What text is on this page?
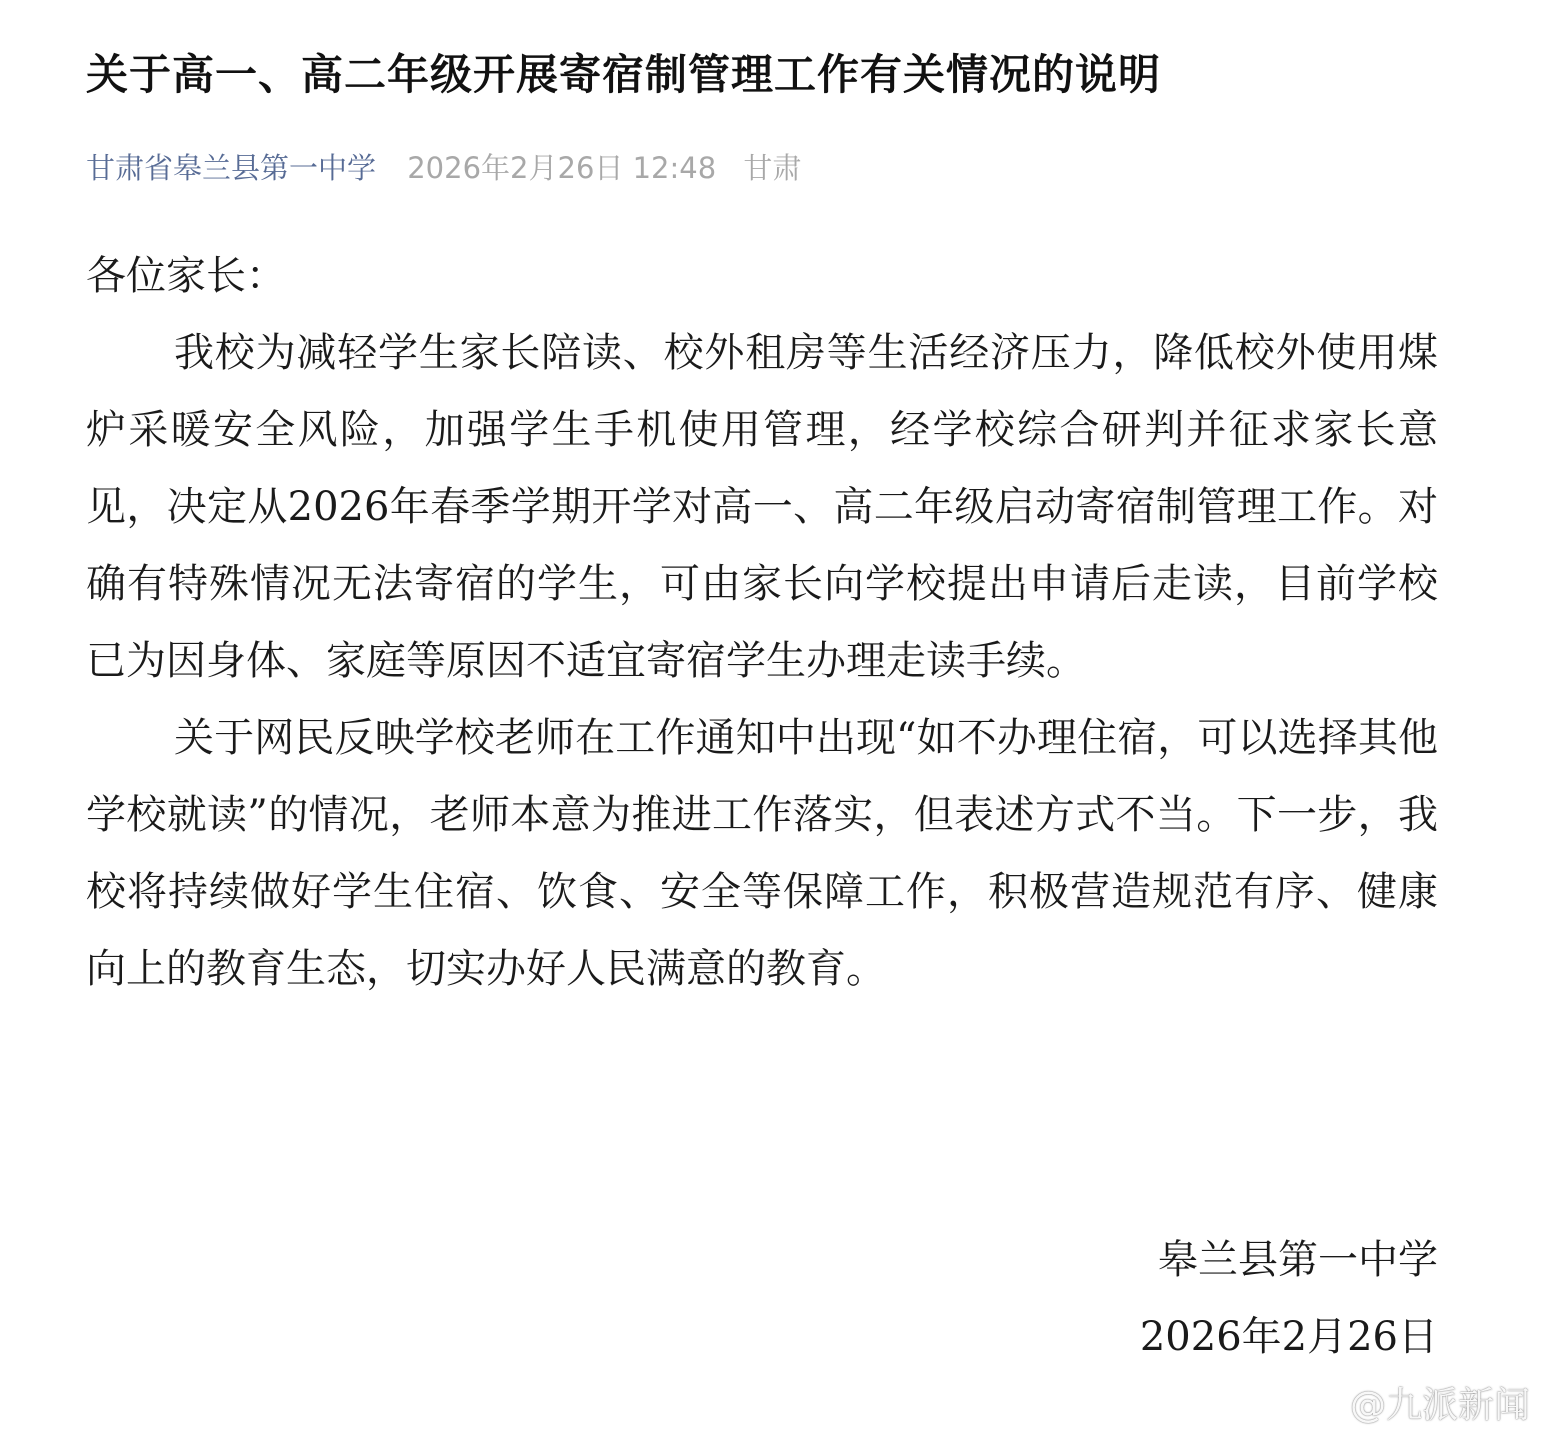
关于高一、高二年级开展寄宿制管理工作有关情况的说明
甘肃省皋兰县第一中学 2026年2月26日 12:48 甘肃

各位家长：

我校为减轻学生家长陪读、校外租房等生活经济压力，降低校外使用煤炉采暖安全风险，加强学生手机使用管理，经学校综合研判并征求家长意见，决定从2026年春季学期开学对高一、高二年级启动寄宿制管理工作。对确有特殊情况无法寄宿的学生，可由家长向学校提出申请后走读，目前学校已为因身体、家庭等原因不适宜寄宿学生办理走读手续。

关于网民反映学校老师在工作通知中出现“如不办理住宿，可以选择其他学校就读”的情况，老师本意为推进工作落实，但表述方式不当。下一步，我校将持续做好学生住宿、饮食、安全等保障工作，积极营造规范有序、健康向上的教育生态，切实办好人民满意的教育。

皋兰县第一中学
2026年2月26日
@九派新闻
